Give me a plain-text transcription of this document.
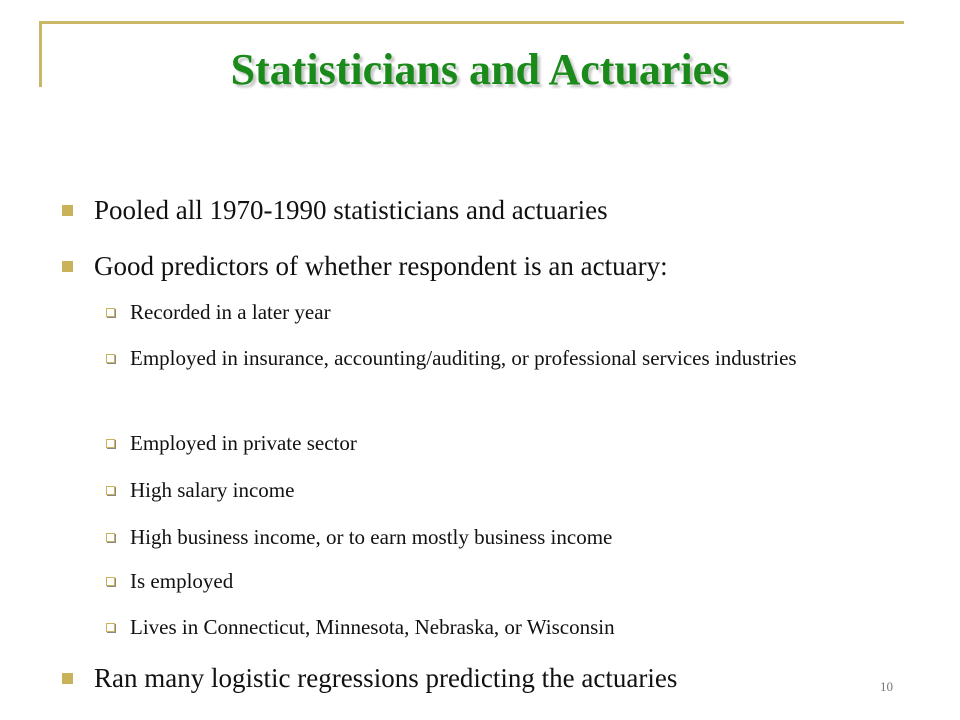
Statisticians and Actuaries
Pooled all 1970-1990 statisticians and actuaries
Good predictors of whether respondent is an actuary:
Recorded in a later year
Employed in insurance, accounting/auditing, or professional services industries
Employed in private sector
High salary income
High business income, or to earn mostly business income
Is employed
Lives in Connecticut, Minnesota, Nebraska, or Wisconsin
Ran many logistic regressions predicting the actuaries	10
